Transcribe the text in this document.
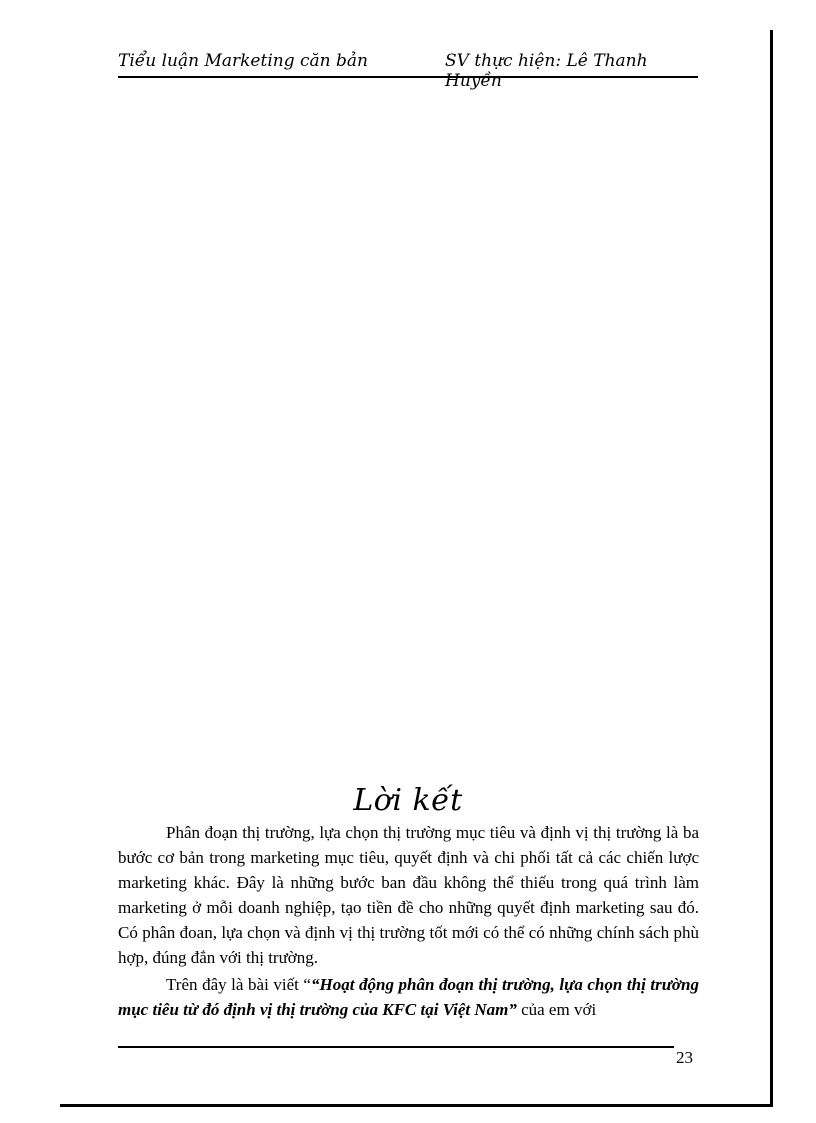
Tiểu luận Marketing căn bản	SV thực hiện: Lê Thanh Huyền
Lời kết

Phân đoạn thị trường, lựa chọn thị trường mục tiêu và định vị thị trường là ba bước cơ bản trong marketing mục tiêu, quyết định và chi phối tất cả các chiến lược marketing khác. Đây là những bước ban đầu không thể thiếu trong quá trình làm marketing ở mỗi doanh nghiệp, tạo tiền đề cho những quyết định marketing sau đó. Có phân đoan, lựa chọn và định vị thị trường tốt mới có thể có những chính sách phù hợp, đúng đắn với thị trường.

Trên đây là bài viết ““Hoạt động phân đoạn thị trường, lựa chọn thị trường mục tiêu từ đó định vị thị trường của KFC tại Việt Nam” của em với

23
